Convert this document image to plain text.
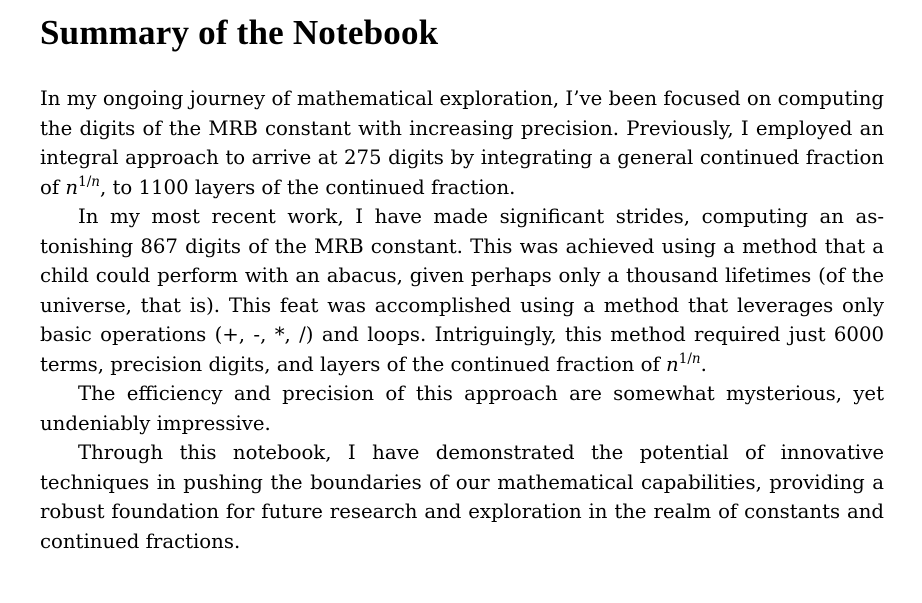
Summary of the Notebook

In my ongoing journey of mathematical exploration, I’ve been focused on computing the digits of the MRB constant with increasing precision. Previously, I employed an integral approach to arrive at 275 digits by integrating a general continued fraction of $n^{1/n}$, to 1100 layers of the continued fraction.

In my most recent work, I have made significant strides, computing an astonishing 867 digits of the MRB constant. This was achieved using a method that a child could perform with an abacus, given perhaps only a thousand lifetimes (of the universe, that is). This feat was accomplished using a method that leverages only basic operations (+, -, *, /) and loops. Intriguingly, this method required just 6000 terms, precision digits, and layers of the continued fraction of $n^{1/n}$.

The efficiency and precision of this approach are somewhat mysterious, yet undeniably impressive.

Through this notebook, I have demonstrated the potential of innovative techniques in pushing the boundaries of our mathematical capabilities, providing a robust foundation for future research and exploration in the realm of constants and continued fractions.
